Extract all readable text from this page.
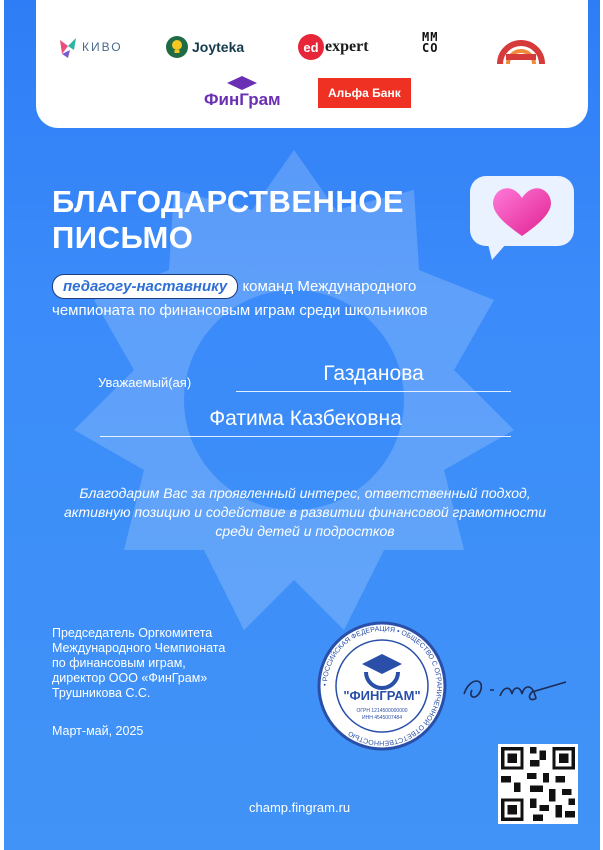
КИВО	Joyteka	ed expert
ММ
СО
ФинГрам	Альфа Банк
БЛАГОДАРСТВЕННОЕ
ПИСЬМО
педагогу-наставнику команд Международного
чемпионата по финансовым играм среди школьников
Уважаемый(ая)	Газданова
Фатима Казбековна
Благодарим Вас за проявленный интерес, ответственный подход, активную позицию и содействие в развитии финансовой грамотности среди детей и подростков
Председатель Оргкомитета
Международного Чемпионата
по финансовым играм,
директор ООО «ФинГрам»
Трушникова С.С.
Март-май, 2025
• РОССИЙСКАЯ ФЕДЕРАЦИЯ • ОБЩЕСТВО С ОГРАНИЧЕННОЙ ОТВЕТСТВЕННОСТЬЮ
"ФИНГРАМ"
ОГРН 1214500000000
ИНН 4545007484
champ.fingram.ru
